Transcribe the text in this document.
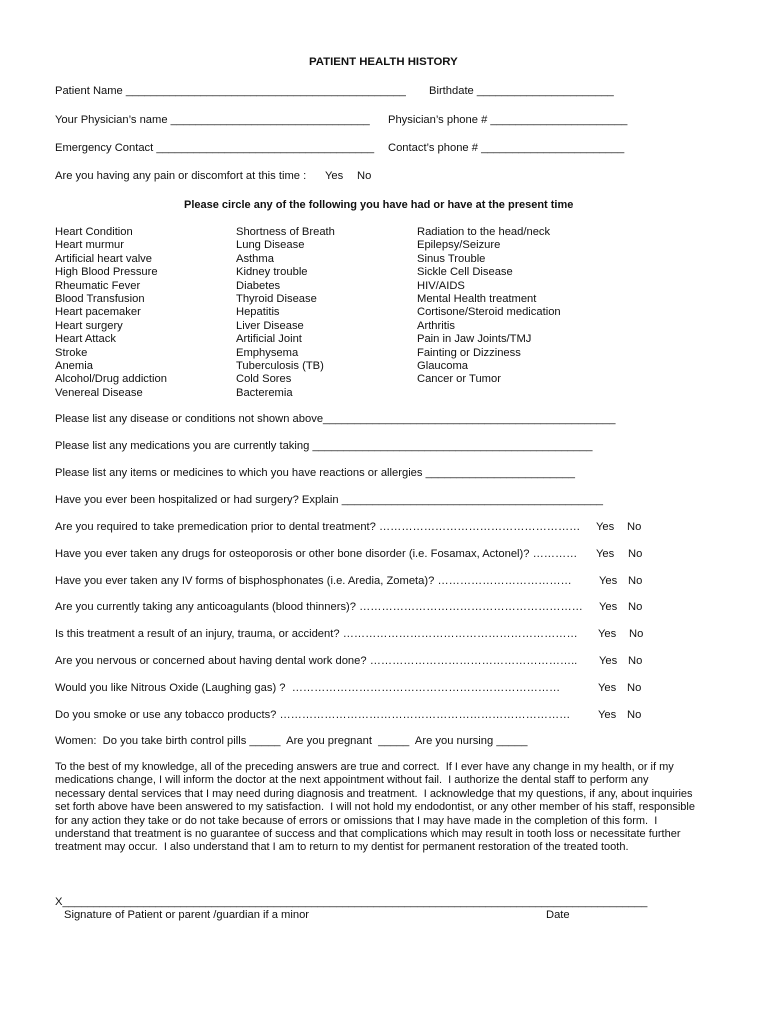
PATIENT HEALTH HISTORY
Patient Name _____________________________________________ Birthdate ______________________
Your Physician’s name ________________________________ Physician’s phone # ______________________
Emergency Contact ___________________________________ Contact’s phone # _______________________
Are you having any pain or discomfort at this time : Yes No
Please circle any of the following you have had or have at the present time
Heart Condition
Heart murmur
Artificial heart valve
High Blood Pressure
Rheumatic Fever
Blood Transfusion
Heart pacemaker
Heart surgery
Heart Attack
Stroke
Anemia
Alcohol/Drug addiction
Venereal Disease
Shortness of Breath
Lung Disease
Asthma
Kidney trouble
Diabetes
Thyroid Disease
Hepatitis
Liver Disease
Artificial Joint
Emphysema
Tuberculosis (TB)
Cold Sores
Bacteremia
Radiation to the head/neck
Epilepsy/Seizure
Sinus Trouble
Sickle Cell Disease
HIV/AIDS
Mental Health treatment
Cortisone/Steroid medication
Arthritis
Pain in Jaw Joints/TMJ
Fainting or Dizziness
Glaucoma
Cancer or Tumor
Please list any disease or conditions not shown above_______________________________________________
Please list any medications you are currently taking _____________________________________________
Please list any items or medicines to which you have reactions or allergies ________________________
Have you ever been hospitalized or had surgery? Explain __________________________________________
Are you required to take premedication prior to dental treatment? ……………………………………………… Yes No
Have you ever taken any drugs for osteoporosis or other bone disorder (i.e. Fosamax, Actonel)? ………… Yes No
Have you ever taken any IV forms of bisphosphonates (i.e. Aredia, Zometa)? ……………………………… Yes No
Are you currently taking any anticoagulants (blood thinners)? …………………………………………………… Yes No
Is this treatment a result of an injury, trauma, or accident? ……………………………………………………… Yes No
Are you nervous or concerned about having dental work done? ……………………………………………….. Yes No
Would you like Nitrous Oxide (Laughing gas) ?  ………………………………………………………………	Yes No
Do you smoke or use any tobacco products? …………………………………………………………………… Yes No
Women:  Do you take birth control pills _____  Are you pregnant  _____  Are you nursing _____
To the best of my knowledge, all of the preceding answers are true and correct.  If I ever have any change in my health, or if my
medications change, I will inform the doctor at the next appointment without fail.  I authorize the dental staff to perform any
necessary dental services that I may need during diagnosis and treatment.  I acknowledge that my questions, if any, about inquiries
set forth above have been answered to my satisfaction.  I will not hold my endodontist, or any other member of his staff, responsible
for any action they take or do not take because of errors or omissions that I may have made in the completion of this form.  I
understand that treatment is no guarantee of success and that complications which may result in tooth loss or necessitate further
treatment may occur.  I also understand that I am to return to my dentist for permanent restoration of the treated tooth.
X______________________________________________________________________________________________
Signature of Patient or parent /guardian if a minor	Date
